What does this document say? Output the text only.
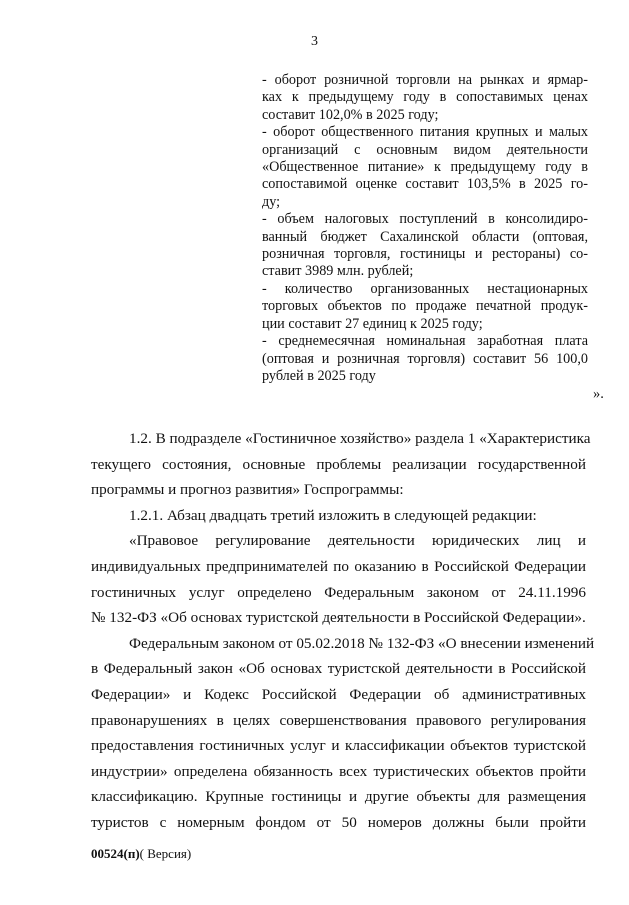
3
- оборот розничной торговли на рынках и ярмар-
ках к предыдущему году в сопоставимых ценах
составит 102,0% в 2025 году;
- оборот общественного питания крупных и малых
организаций с основным видом деятельности
«Общественное питание» к предыдущему году в
сопоставимой оценке составит 103,5% в 2025 го-
ду;
- объем налоговых поступлений в консолидиро-
ванный бюджет Сахалинской области (оптовая,
розничная торговля, гостиницы и рестораны) со-
ставит 3989 млн. рублей;
- количество организованных нестационарных
торговых объектов по продаже печатной продук-
ции составит 27 единиц к 2025 году;
- среднемесячная номинальная заработная плата
(оптовая и розничная торговля) составит 56 100,0
рублей в 2025 году
».
1.2. В подразделе «Гостиничное хозяйство» раздела 1 «Характеристика
текущего состояния, основные проблемы реализации государственной
программы и прогноз развития» Госпрограммы:
1.2.1. Абзац двадцать третий изложить в следующей редакции:
«Правовое регулирование деятельности юридических лиц и
индивидуальных предпринимателей по оказанию в Российской Федерации
гостиничных услуг определено Федеральным законом от 24.11.1996
№ 132-ФЗ «Об основах туристской деятельности в Российской Федерации».
Федеральным законом от 05.02.2018 № 132-ФЗ «О внесении изменений
в Федеральный закон «Об основах туристской деятельности в Российской
Федерации» и Кодекс Российской Федерации об административных
правонарушениях в целях совершенствования правового регулирования
предоставления гостиничных услуг и классификации объектов туристской
индустрии» определена обязанность всех туристических объектов пройти
классификацию. Крупные гостиницы и другие объекты для размещения
туристов с номерным фондом от 50 номеров должны были пройти
00524(п)( Версия)
